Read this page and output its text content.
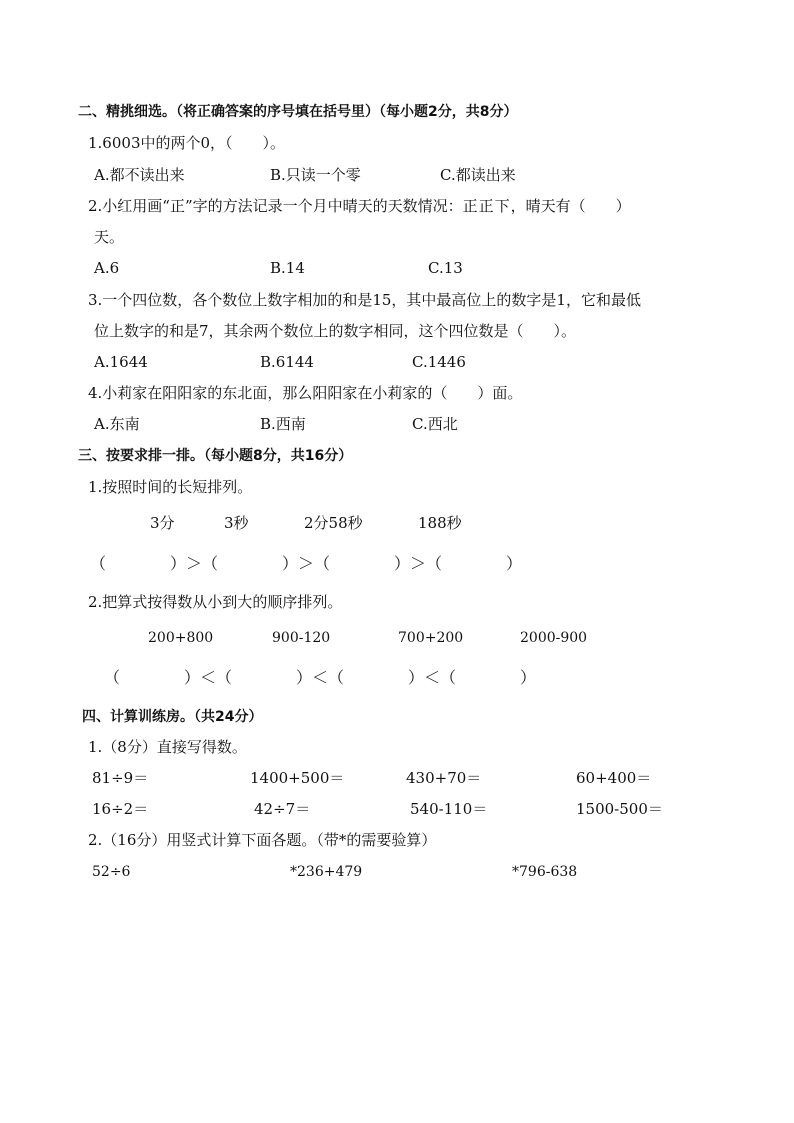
二、精挑细选。（将正确答案的序号填在括号里）（每小题2分，共8分）
1.6003中的两个0，（　　）。
A.都不读出来	B.只读一个零	C.都读出来
2.小红用画“正”字的方法记录一个月中晴天的天数情况：正正下，晴天有（　　）
天。
A.6	B.14	C.13
3.一个四位数，各个数位上数字相加的和是15，其中最高位上的数字是1，它和最低
位上数字的和是7，其余两个数位上的数字相同，这个四位数是（　　）。
A.1644	B.6144	C.1446
4.小莉家在阳阳家的东北面，那么阳阳家在小莉家的（　　）面。
A.东南	B.西南	C.西北
三、按要求排一排。（每小题8分，共16分）
1.按照时间的长短排列。
3分	3秒	2分58秒	188秒
（　　　　）＞（　　　　）＞（　　　　）＞（　　　　）
2.把算式按得数从小到大的顺序排列。
200+800	900-120	700+200	2000-900
（　　　　）＜（　　　　）＜（　　　　）＜（　　　　）
四、计算训练房。（共24分）
1.（8分）直接写得数。
81÷9＝	1400+500＝	430+70＝	60+400＝
16÷2＝	42÷7＝	540-110＝	1500-500＝
2.（16分）用竖式计算下面各题。（带*的需要验算）
52÷6	*236+479	*796-638
